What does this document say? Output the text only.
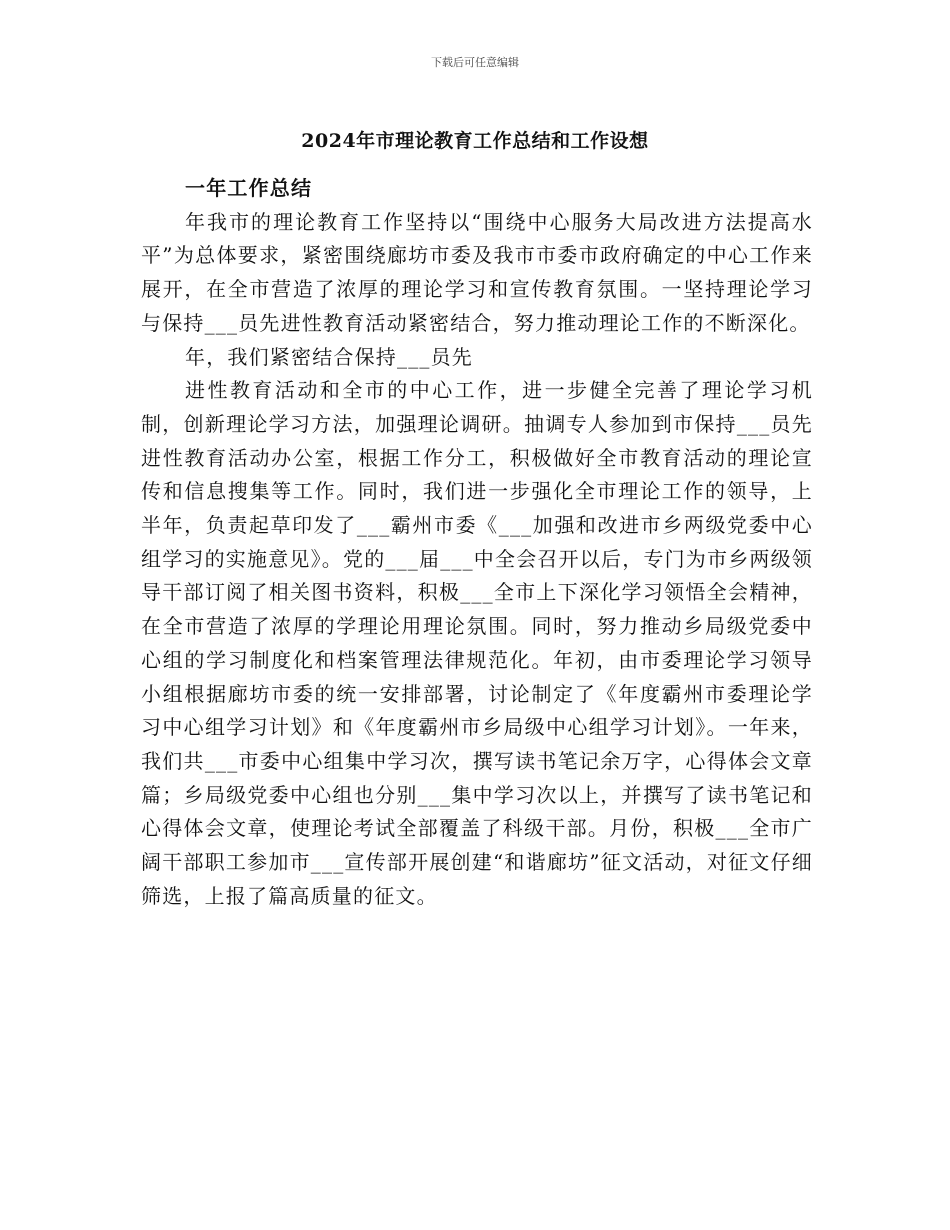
下载后可任意编辑
2024年市理论教育工作总结和工作设想

一年工作总结

年我市的理论教育工作坚持以“围绕中心服务大局改进方法提高水平”为总体要求，紧密围绕廊坊市委及我市市委市政府确定的中心工作来展开，在全市营造了浓厚的理论学习和宣传教育氛围。一坚持理论学习与保持___员先进性教育活动紧密结合，努力推动理论工作的不断深化。

年，我们紧密结合保持___员先

进性教育活动和全市的中心工作，进一步健全完善了理论学习机制，创新理论学习方法，加强理论调研。抽调专人参加到市保持___员先进性教育活动办公室，根据工作分工，积极做好全市教育活动的理论宣传和信息搜集等工作。同时，我们进一步强化全市理论工作的领导，上半年，负责起草印发了___霸州市委《___加强和改进市乡两级党委中心组学习的实施意见》。党的___届___中全会召开以后，专门为市乡两级领导干部订阅了相关图书资料，积极___全市上下深化学习领悟全会精神，在全市营造了浓厚的学理论用理论氛围。同时，努力推动乡局级党委中心组的学习制度化和档案管理法律规范化。年初，由市委理论学习领导小组根据廊坊市委的统一安排部署，讨论制定了《年度霸州市委理论学习中心组学习计划》和《年度霸州市乡局级中心组学习计划》。一年来，我们共___市委中心组集中学习次，撰写读书笔记余万字，心得体会文章篇；乡局级党委中心组也分别___集中学习次以上，并撰写了读书笔记和心得体会文章，使理论考试全部覆盖了科级干部。月份，积极___全市广阔干部职工参加市___宣传部开展创建“和谐廊坊”征文活动，对征文仔细筛选，上报了篇高质量的征文。
